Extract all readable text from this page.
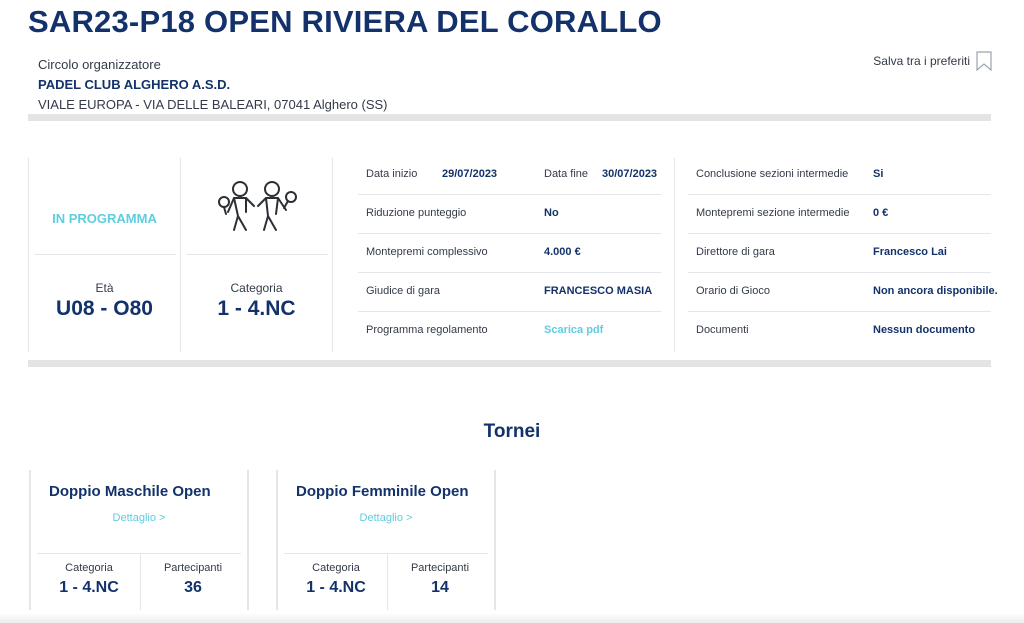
SAR23-P18 OPEN RIVIERA DEL CORALLO
Circolo organizzatore
PADEL CLUB ALGHERO A.S.D.
VIALE EUROPA - VIA DELLE BALEARI, 07041 Alghero (SS)
Salva tra i preferiti
IN PROGRAMMA
Età
U08 - O80
Categoria
1 - 4.NC
Data inizio 29/07/2023	Data fine 30/07/2023
Riduzione punteggio	No
Montepremi complessivo	4.000 €
Giudice di gara	FRANCESCO MASIA
Programma regolamento	Scarica pdf
Conclusione sezioni intermedie Si
Montepremi sezione intermedie 0 €
Direttore di gara	Francesco Lai
Orario di Gioco	Non ancora disponibile.
Documenti	Nessun documento
Tornei
Doppio Maschile Open
Dettaglio >
Categoria
1 - 4.NC
Partecipanti
36
Doppio Femminile Open
Dettaglio >
Categoria
1 - 4.NC
Partecipanti
14
